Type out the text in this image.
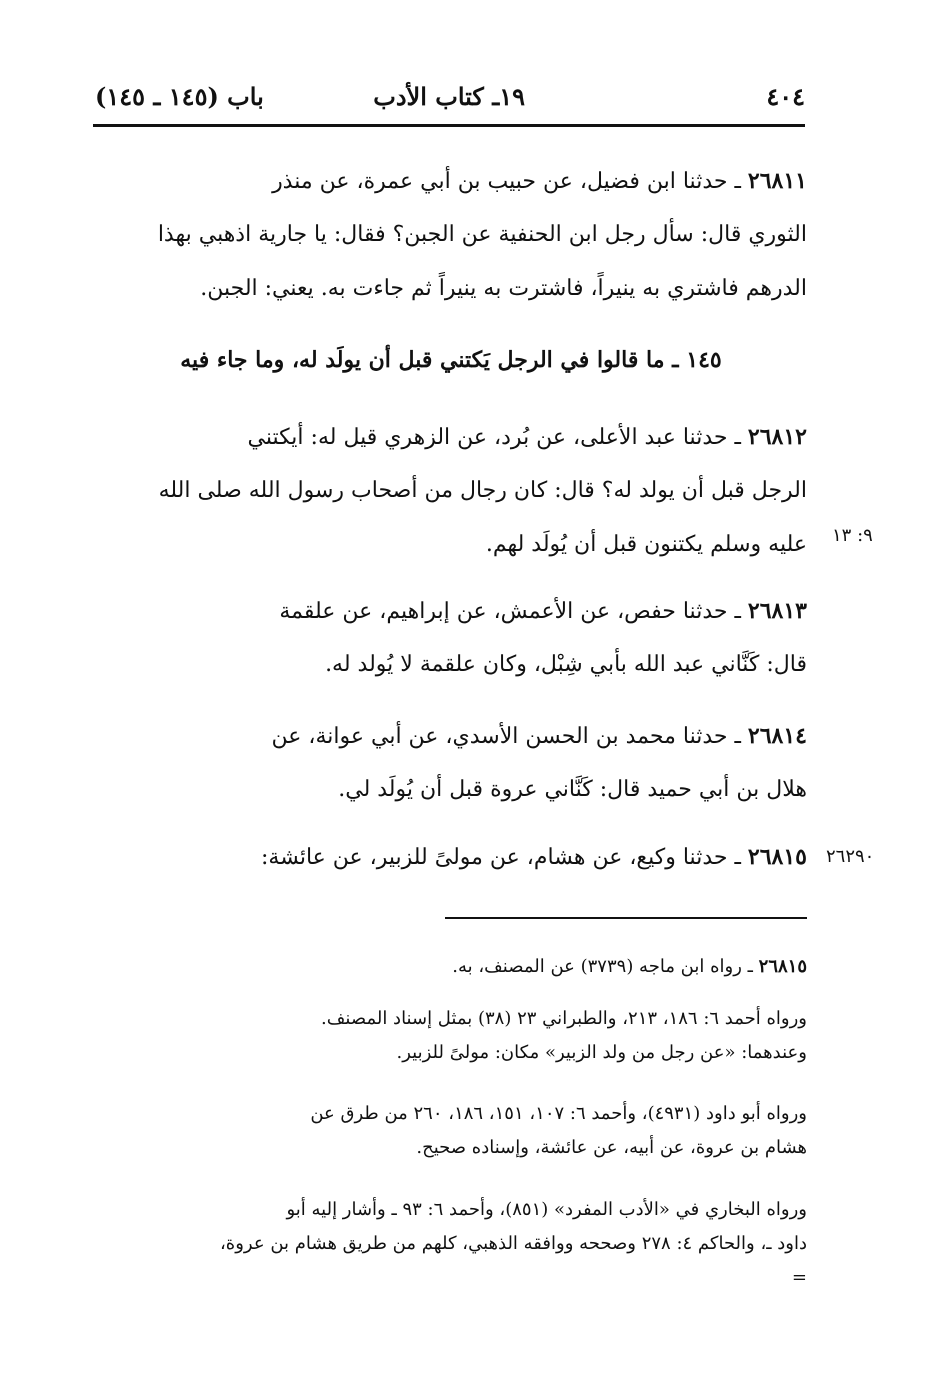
٤٠٤
١٩ـ كتاب الأدب
باب (١٤٥ ـ ١٤٥)
٢٦٨١١ ـ حدثنا ابن فضيل، عن حبيب بن أبي عمرة، عن منذر
الثوري قال: سأل رجل ابن الحنفية عن الجبن؟ فقال: يا جارية اذهبي بهذا
الدرهم فاشتري به ينيراً، فاشترت به ينيراً ثم جاءت به. يعني: الجبن.
١٤٥ ـ ما قالوا في الرجل يَكتني قبل أن يولَد له، وما جاء فيه
٢٦٨١٢ ـ حدثنا عبد الأعلى، عن بُرد، عن الزهري قيل له: أيكتني
الرجل قبل أن يولد له؟ قال: كان رجال من أصحاب رسول الله صلى الله
عليه وسلم يكتنون قبل أن يُولَد لهم. ٩: ١٣
٢٦٨١٣ ـ حدثنا حفص، عن الأعمش، عن إبراهيم، عن علقمة
قال: كَنَّاني عبد الله بأبي شِبْل، وكان علقمة لا يُولد له.
٢٦٨١٤ ـ حدثنا محمد بن الحسن الأسدي، عن أبي عوانة، عن
هلال بن أبي حميد قال: كَنَّاني عروة قبل أن يُولَد لي.
٢٦٨١٥ ـ حدثنا وكيع، عن هشام، عن مولىً للزبير، عن عائشة:	٢٦٢٩٠
٢٦٨١٥ ـ رواه ابن ماجه (٣٧٣٩) عن المصنف، به.
ورواه أحمد ٦: ١٨٦، ٢١٣، والطبراني ٢٣ (٣٨) بمثل إسناد المصنف.
وعندهما: «عن رجل من ولد الزبير» مكان: مولىً للزبير.
ورواه أبو داود (٤٩٣١)، وأحمد ٦: ١٠٧، ١٥١، ١٨٦، ٢٦٠ من طرق عن
هشام بن عروة، عن أبيه، عن عائشة، وإسناده صحيح.
ورواه البخاري في «الأدب المفرد» (٨٥١)، وأحمد ٦: ٩٣ ـ وأشار إليه أبو
داود ـ، والحاكم ٤: ٢٧٨ وصححه ووافقه الذهبي، كلهم من طريق هشام بن عروة،
=
